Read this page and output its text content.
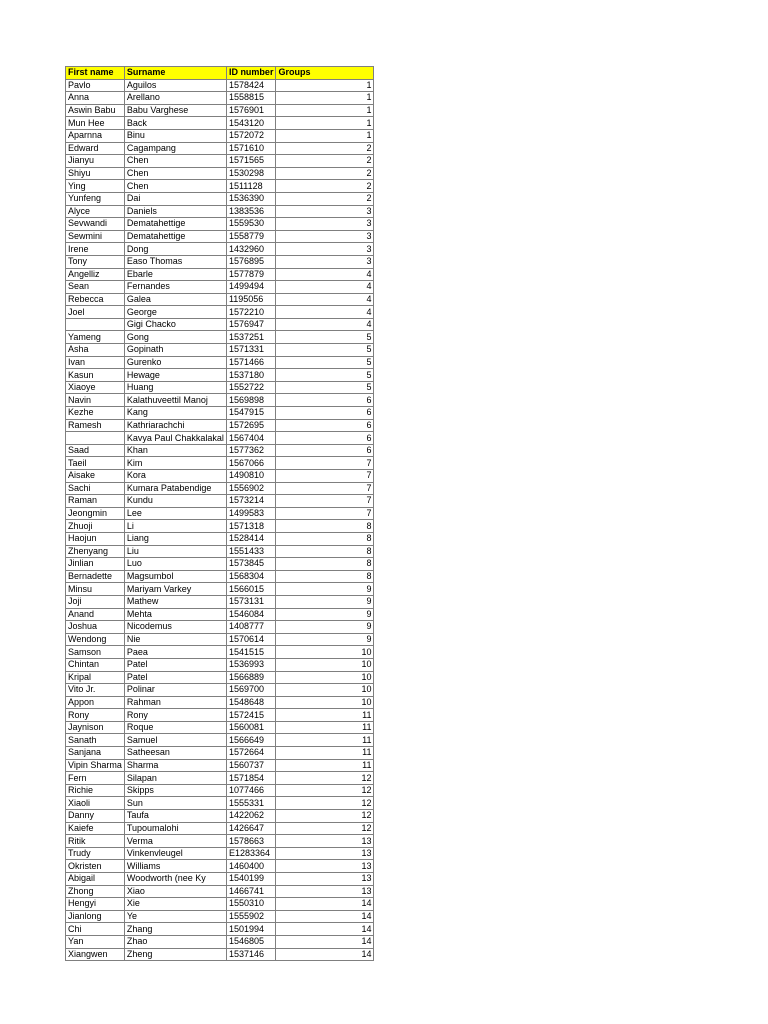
First name	Surname	ID number	Groups
Pavlo	Aguilos	1578424	1
Anna	Arellano	1558815	1
Aswin Babu	Babu Varghese	1576901	1
Mun Hee	Back	1543120	1
Aparnna	Binu	1572072	1
Edward	Cagampang	1571610	2
Jianyu	Chen	1571565	2
Shiyu	Chen	1530298	2
Ying	Chen	1511128	2
Yunfeng	Dai	1536390	2
Alyce	Daniels	1383536	3
Sevwandi	Dematahettige	1559530	3
Sewmini	Dematahettige	1558779	3
Irene	Dong	1432960	3
Tony	Easo Thomas	1576895	3
Angelliz	Ebarle	1577879	4
Sean	Fernandes	1499494	4
Rebecca	Galea	1195056	4
Joel	George	1572210	4
	Gigi Chacko	1576947	4
Yameng	Gong	1537251	5
Asha	Gopinath	1571331	5
Ivan	Gurenko	1571466	5
Kasun	Hewage	1537180	5
Xiaoye	Huang	1552722	5
Navin	Kalathuveettil Manoj	1569898	6
Kezhe	Kang	1547915	6
Ramesh	Kathriarachchi	1572695	6
	Kavya Paul Chakkalakal	1567404	6
Saad	Khan	1577362	6
Taeil	Kim	1567066	7
Aisake	Kora	1490810	7
Sachi	Kumara Patabendige	1556902	7
Raman	Kundu	1573214	7
Jeongmin	Lee	1499583	7
Zhuoji	Li	1571318	8
Haojun	Liang	1528414	8
Zhenyang	Liu	1551433	8
Jinlian	Luo	1573845	8
Bernadette	Magsumbol	1568304	8
Minsu	Mariyam Varkey	1566015	9
Joji	Mathew	1573131	9
Anand	Mehta	1546084	9
Joshua	Nicodemus	1408777	9
Wendong	Nie	1570614	9
Samson	Paea	1541515	10
Chintan	Patel	1536993	10
Kripal	Patel	1566889	10
Vito Jr.	Polinar	1569700	10
Appon	Rahman	1548648	10
Rony	Rony	1572415	11
Jaynison	Roque	1560081	11
Sanath	Samuel	1566649	11
Sanjana	Satheesan	1572664	11
Vipin Sharma	Sharma	1560737	11
Fern	Silapan	1571854	12
Richie	Skipps	1077466	12
Xiaoli	Sun	1555331	12
Danny	Taufa	1422062	12
Kaiefe	Tupoumalohi	1426647	12
Ritik	Verma	1578663	13
Trudy	Vinkenvleugel	E1283364	13
Okristen	Williams	1460400	13
Abigail	Woodworth (nee Ky	1540199	13
Zhong	Xiao	1466741	13
Hengyi	Xie	1550310	14
Jianlong	Ye	1555902	14
Chi	Zhang	1501994	14
Yan	Zhao	1546805	14
Xiangwen	Zheng	1537146	14
